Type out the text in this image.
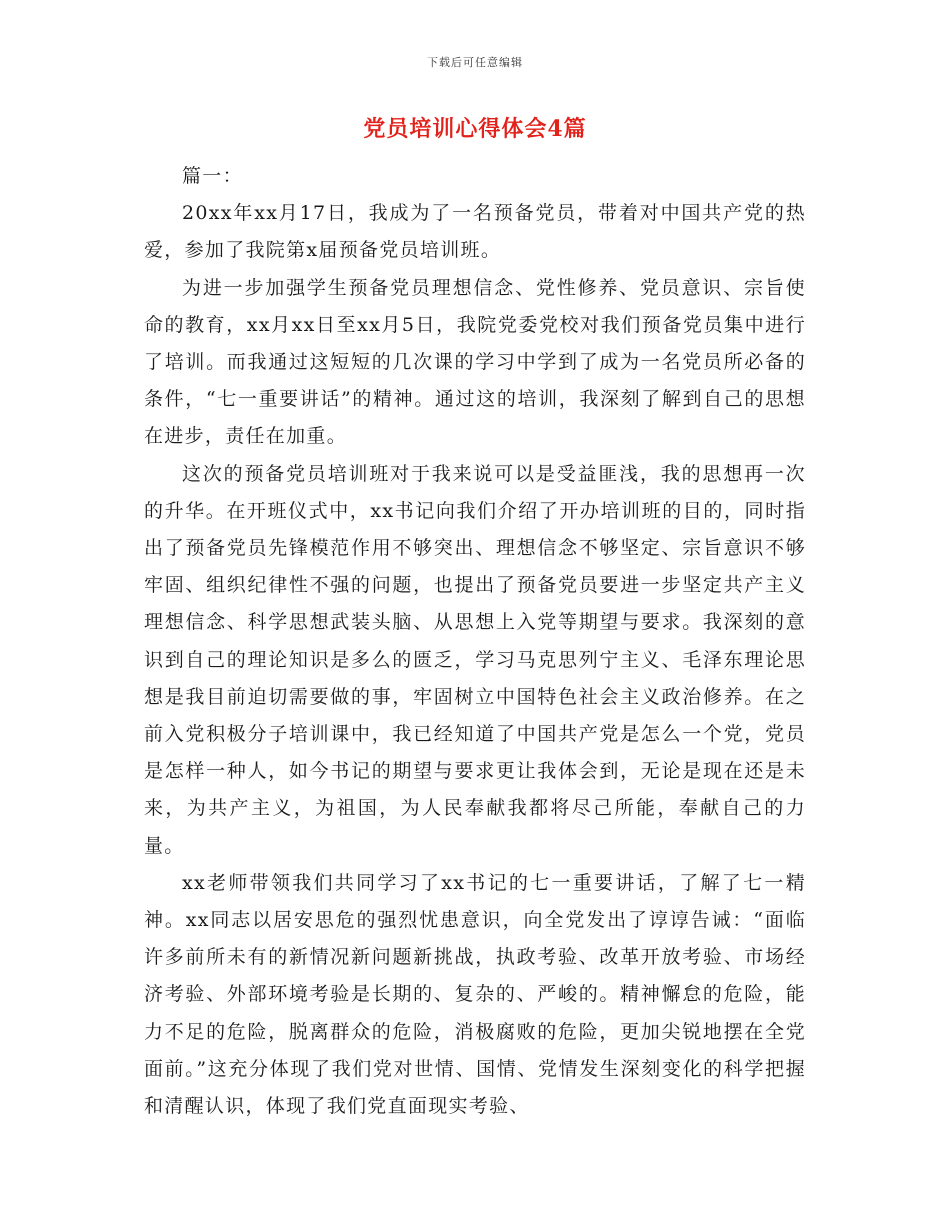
下载后可任意编辑
党员培训心得体会4篇

篇一：

20xx年xx月17日，我成为了一名预备党员，带着对中国共产党的热爱，参加了我院第x届预备党员培训班。

为进一步加强学生预备党员理想信念、党性修养、党员意识、宗旨使命的教育，xx月xx日至xx月5日，我院党委党校对我们预备党员集中进行了培训。而我通过这短短的几次课的学习中学到了成为一名党员所必备的条件，“七一重要讲话”的精神。通过这的培训，我深刻了解到自己的思想在进步，责任在加重。

这次的预备党员培训班对于我来说可以是受益匪浅，我的思想再一次的升华。在开班仪式中，xx书记向我们介绍了开办培训班的目的，同时指出了预备党员先锋模范作用不够突出、理想信念不够坚定、宗旨意识不够牢固、组织纪律性不强的问题，也提出了预备党员要进一步坚定共产主义理想信念、科学思想武装头脑、从思想上入党等期望与要求。我深刻的意识到自己的理论知识是多么的匮乏，学习马克思列宁主义、毛泽东理论思想是我目前迫切需要做的事，牢固树立中国特色社会主义政治修养。在之前入党积极分子培训课中，我已经知道了中国共产党是怎么一个党，党员是怎样一种人，如今书记的期望与要求更让我体会到，无论是现在还是未来，为共产主义，为祖国，为人民奉献我都将尽己所能，奉献自己的力量。

xx老师带领我们共同学习了xx书记的七一重要讲话，了解了七一精神。xx同志以居安思危的强烈忧患意识，向全党发出了谆谆告诫：“面临许多前所未有的新情况新问题新挑战，执政考验、改革开放考验、市场经济考验、外部环境考验是长期的、复杂的、严峻的。精神懈怠的危险，能力不足的危险，脱离群众的危险，消极腐败的危险，更加尖锐地摆在全党面前。”这充分体现了我们党对世情、国情、党情发生深刻变化的科学把握和清醒认识，体现了我们党直面现实考验、
